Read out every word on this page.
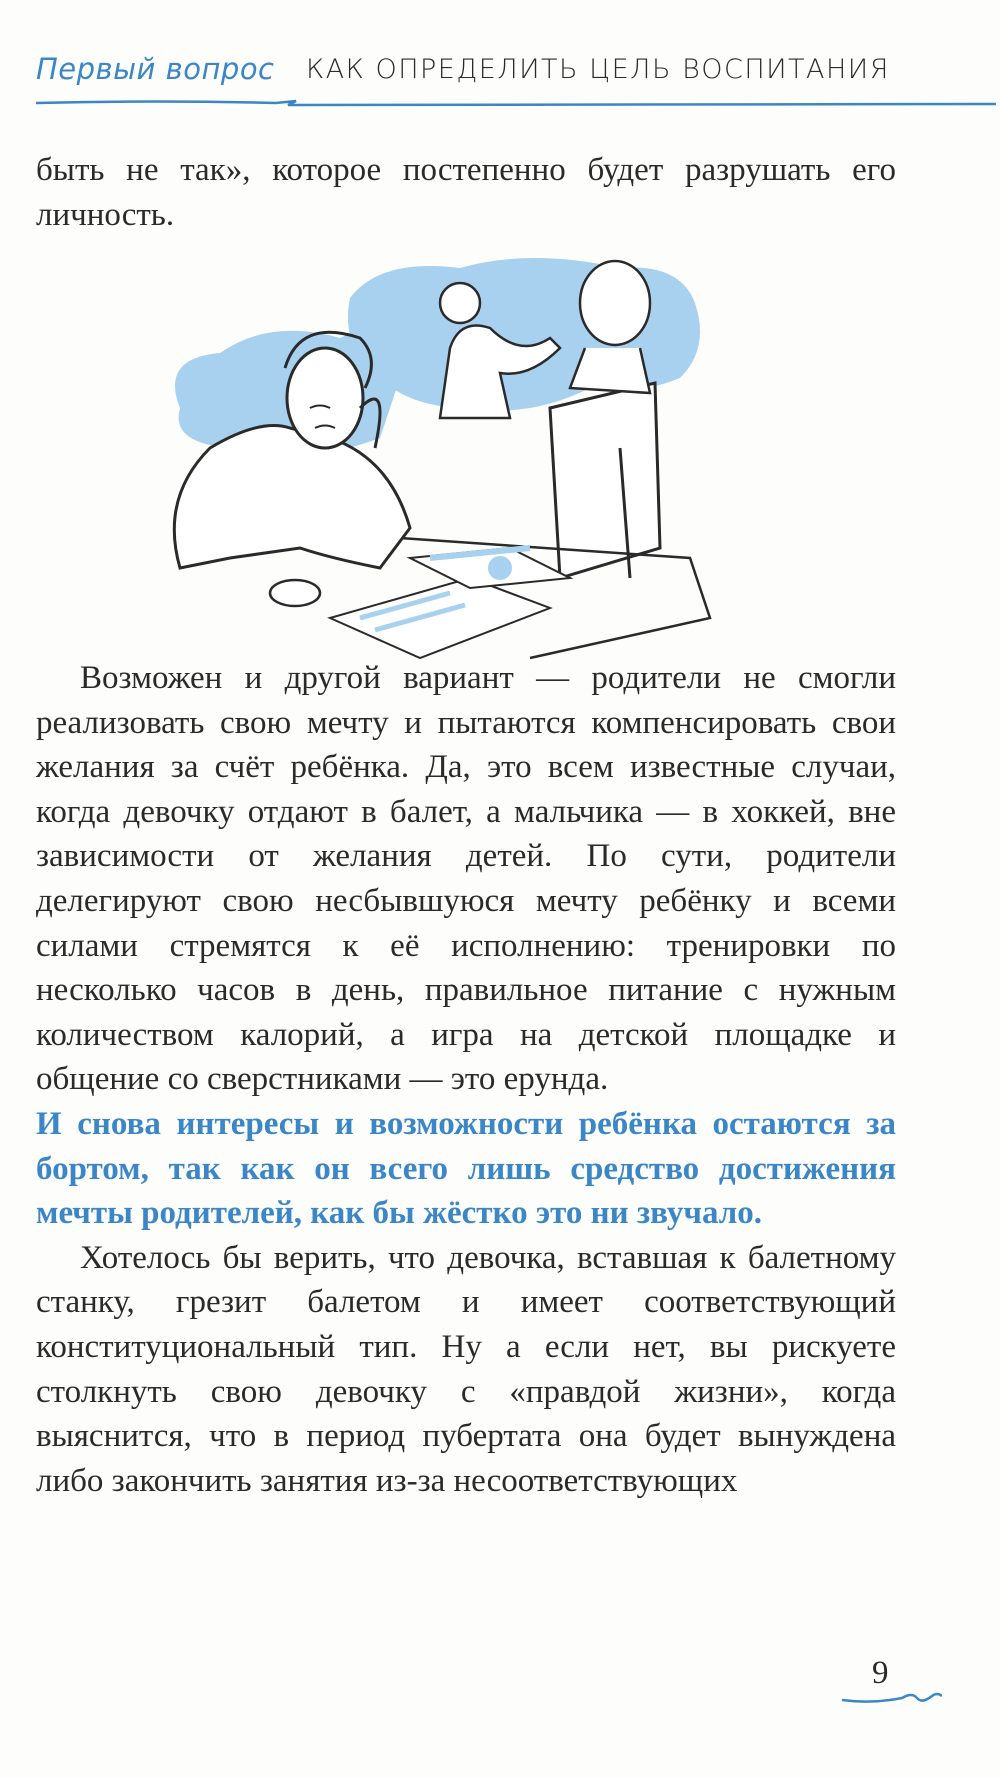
Первый вопрос КАК ОПРЕДЕЛИТЬ ЦЕЛЬ ВОСПИТАНИЯ

быть не так», которое постепенно будет разрушать его личность.

Возможен и другой вариант — родители не смогли реализовать свою мечту и пытаются компенсировать свои желания за счёт ребёнка. Да, это всем известные случаи, когда девочку отдают в балет, а мальчика — в хоккей, вне зависимости от желания детей. По сути, родители делегируют свою несбывшуюся мечту ребёнку и всеми силами стремятся к её исполнению: тренировки по несколько часов в день, правильное питание с нужным количеством калорий, а игра на детской площадке и общение со сверстниками — это ерунда.

И снова интересы и возможности ребёнка остаются за бортом, так как он всего лишь средство достижения мечты родителей, как бы жёстко это ни звучало.

Хотелось бы верить, что девочка, вставшая к балетному станку, грезит балетом и имеет соответствующий конституциональный тип. Ну а если нет, вы рискуете столкнуть свою девочку с «правдой жизни», когда выяснится, что в период пубертата она будет вынуждена либо закончить занятия из-за несоответствующих

9
